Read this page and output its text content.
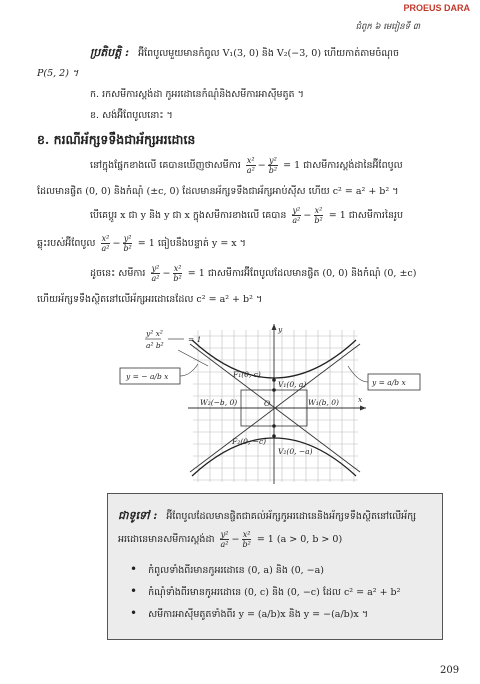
PROEUS DARA
ជំពូក ៦ មេរៀនទី ៣
ប្រតិបត្តិ : អ៊ីពែបូលមួយមានកំពូល V₁(3, 0) និង V₂(−3, 0) ហើយកាត់តាមចំណុច
P(5, 2) ។
ក. រកសមីការស្តង់ដា កូអរដោនេកំណុំនិងសមីការអាស៊ីមតូត ។
ខ. សង់អ៊ីពែបូលនោះ ។
ខ. ករណីអ័ក្សទទឹងជាអ័ក្សអរដោនេ
នៅក្នុងផ្នែកខាងលើ គេបានឃើញថាសមីការ $\frac{\text{x²}}{\text{a²}} - \frac{\text{y²}}{\text{b²}} = 1$ ជាសមីការស្តង់ដានៃអ៊ីពែបូល
ដែលមានផ្ចិត (0, 0) និងកំណុំ (±c, 0) ដែលមានអ័ក្សទទឹងជាអ័ក្សអាប់ស៊ីស ហើយ c² = a² + b² ។
បើគេប្តូរ x ជា y និង y ជា x ក្នុងសមីការខាងលើ គេបាន $\frac{\text{y²}}{\text{a²}} - \frac{\text{x²}}{\text{b²}} = 1$ ជាសមីការនៃរូប
ឆ្លុះរបស់អ៊ីពែបូល $\frac{\text{x²}}{\text{a²}} - \frac{\text{y²}}{\text{b²}} = 1$ ធៀបនឹងបន្ទាត់ y = x ។
ដូចនេះ សមីការ $\frac{\text{y²}}{\text{a²}} - \frac{\text{x²}}{\text{b²}} = 1$ ជាសមីការអ៊ីពែបូលដែលមានផ្ចិត (0, 0) និងកំណុំ (0, ±c)
ហើយអ័ក្សទទឹងស្ថិតនៅលើអ័ក្សអរដោនេដែល c² = a² + b² ។
F₁(0, c)
V₁(0, a)
W₂(−b, 0)	W₁(b, 0)
O	x
y
F₂(0, −c)
V₂(0, −a)
y² x²
a² b²
= 1
y = − a/b x
y = a/b x
ជាទូទៅ : អ៊ីពែបូលដែលមានផ្ចិតជាគល់អ័ក្សកូអរដោនេនិងអ័ក្សទទឹងស្ថិតនៅលើអ័ក្ស
អរដោនេមានសមីការស្តង់ដា $\frac{\text{y²}}{\text{a²}} - \frac{\text{x²}}{\text{b²}} = 1$ (a > 0, b > 0)
• កំពូលទាំងពីរមានកូអរដោនេ (0, a) និង (0, −a)
• កំណុំទាំងពីរមានកូអរដោនេ (0, c) និង (0, −c) ដែល c² = a² + b²
• សមីការអាស៊ីមតូតទាំងពីរ y = (a/b)x និង y = −(a/b)x ។
209
